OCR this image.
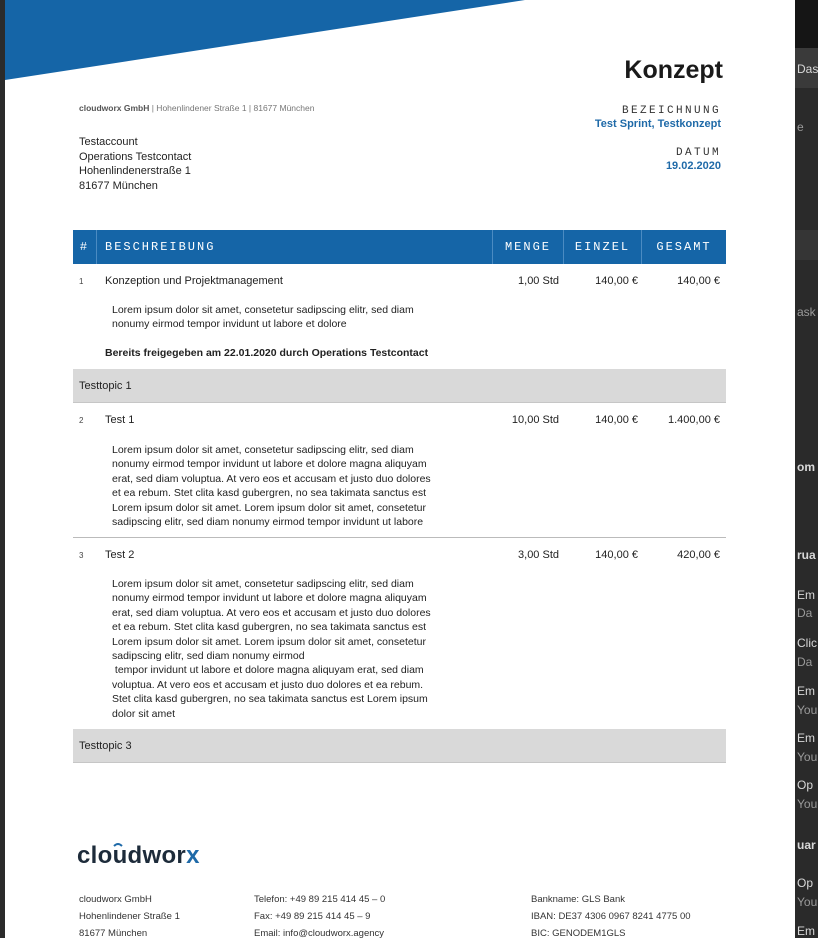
Das
e
ask
om
rua
Em
Da
Clic
Da
Em
You
Em
You
Op
You
uar
Op
You
Em
Konzept
cloudworx GmbH | Hohenlindener Straße 1 | 81677 München
Testaccount
Operations Testcontact
Hohenlindenerstraße 1
81677 München
BEZEICHNUNG
Test Sprint, Testkonzept
DATUM
19.02.2020
#	BESCHREIBUNG	MENGE	EINZEL	GESAMT
1 Konzeption und Projektmanagement	1,00 Std	140,00 €	140,00 €
Lorem ipsum dolor sit amet, consetetur sadipscing elitr, sed diam
nonumy eirmod tempor invidunt ut labore et dolore
Bereits freigegeben am 22.01.2020 durch Operations Testcontact
Testtopic 1
2 Test 1	10,00 Std	140,00 €	1.400,00 €
Lorem ipsum dolor sit amet, consetetur sadipscing elitr, sed diam
nonumy eirmod tempor invidunt ut labore et dolore magna aliquyam
erat, sed diam voluptua. At vero eos et accusam et justo duo dolores
et ea rebum. Stet clita kasd gubergren, no sea takimata sanctus est
Lorem ipsum dolor sit amet. Lorem ipsum dolor sit amet, consetetur
sadipscing elitr, sed diam nonumy eirmod tempor invidunt ut labore
3 Test 2	3,00 Std	140,00 €	420,00 €
Lorem ipsum dolor sit amet, consetetur sadipscing elitr, sed diam
nonumy eirmod tempor invidunt ut labore et dolore magna aliquyam
erat, sed diam voluptua. At vero eos et accusam et justo duo dolores
et ea rebum. Stet clita kasd gubergren, no sea takimata sanctus est
Lorem ipsum dolor sit amet. Lorem ipsum dolor sit amet, consetetur
sadipscing elitr, sed diam nonumy eirmod
tempor invidunt ut labore et dolore magna aliquyam erat, sed diam
voluptua. At vero eos et accusam et justo duo dolores et ea rebum.
Stet clita kasd gubergren, no sea takimata sanctus est Lorem ipsum
dolor sit amet
Testtopic 3
cloudworx
cloudworx GmbH
Hohenlindener Straße 1
81677 München
Telefon: +49 89 215 414 45 – 0
Fax: +49 89 215 414 45 – 9
Email: info@cloudworx.agency
Bankname: GLS Bank
IBAN: DE37 4306 0967 8241 4775 00
BIC: GENODEM1GLS
